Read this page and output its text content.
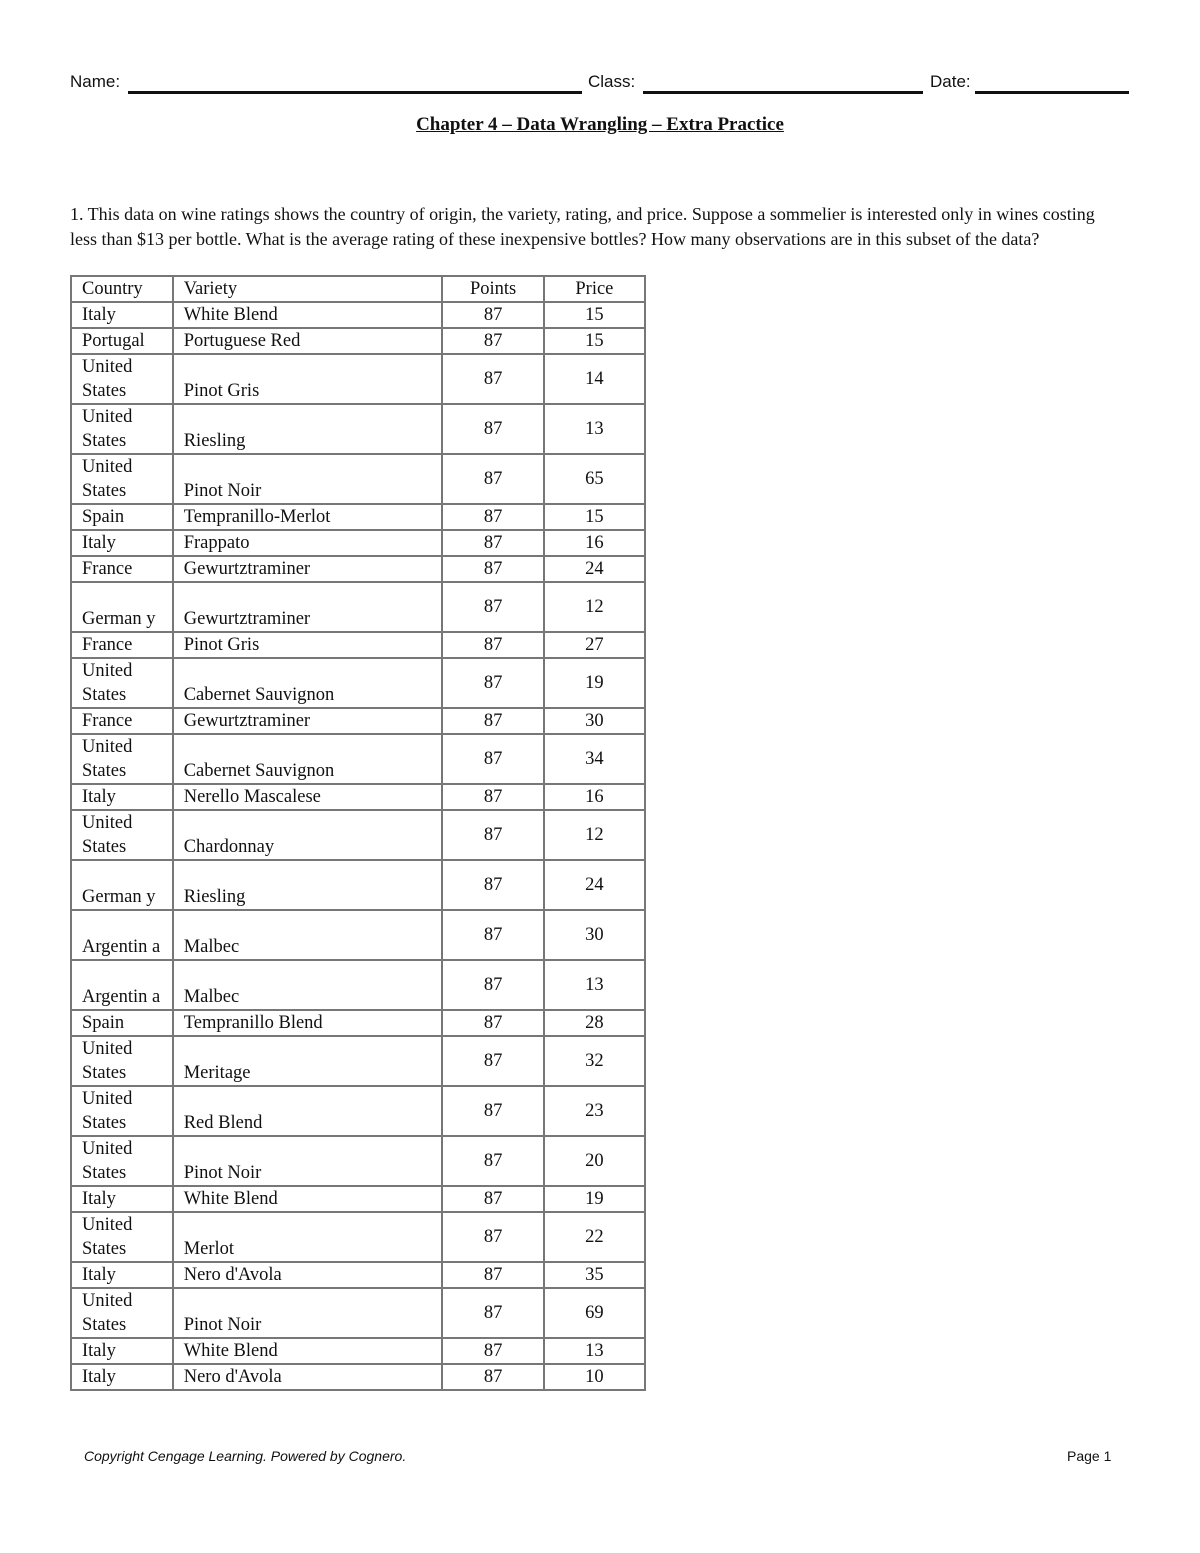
Name:	Class:	Date:
Chapter 4 – Data Wrangling – Extra Practice
1. This data on wine ratings shows the country of origin, the variety, rating, and price. Suppose a sommelier is interested only in wines costing less than $13 per bottle. What is the average rating of these inexpensive bottles? How many observations are in this subset of the data?
Country	Variety	Points	Price
Italy	White Blend	87	15
Portugal	Portuguese Red	87	15
United States	Pinot Gris	87	14
United States	Riesling	87	13
United States	Pinot Noir	87	65
Spain	Tempranillo-Merlot	87	15
Italy	Frappato	87	16
France	Gewurtztraminer	87	24
German y	Gewurtztraminer	87	12
France	Pinot Gris	87	27
United States	Cabernet Sauvignon	87	19
France	Gewurtztraminer	87	30
United States	Cabernet Sauvignon	87	34
Italy	Nerello Mascalese	87	16
United States	Chardonnay	87	12
German y	Riesling	87	24
Argentin a	Malbec	87	30
Argentin a	Malbec	87	13
Spain	Tempranillo Blend	87	28
United States	Meritage	87	32
United States	Red Blend	87	23
United States	Pinot Noir	87	20
Italy	White Blend	87	19
United States	Merlot	87	22
Italy	Nero d'Avola	87	35
United States	Pinot Noir	87	69
Italy	White Blend	87	13
Italy	Nero d'Avola	87	10
Copyright Cengage Learning. Powered by Cognero.	Page 1
